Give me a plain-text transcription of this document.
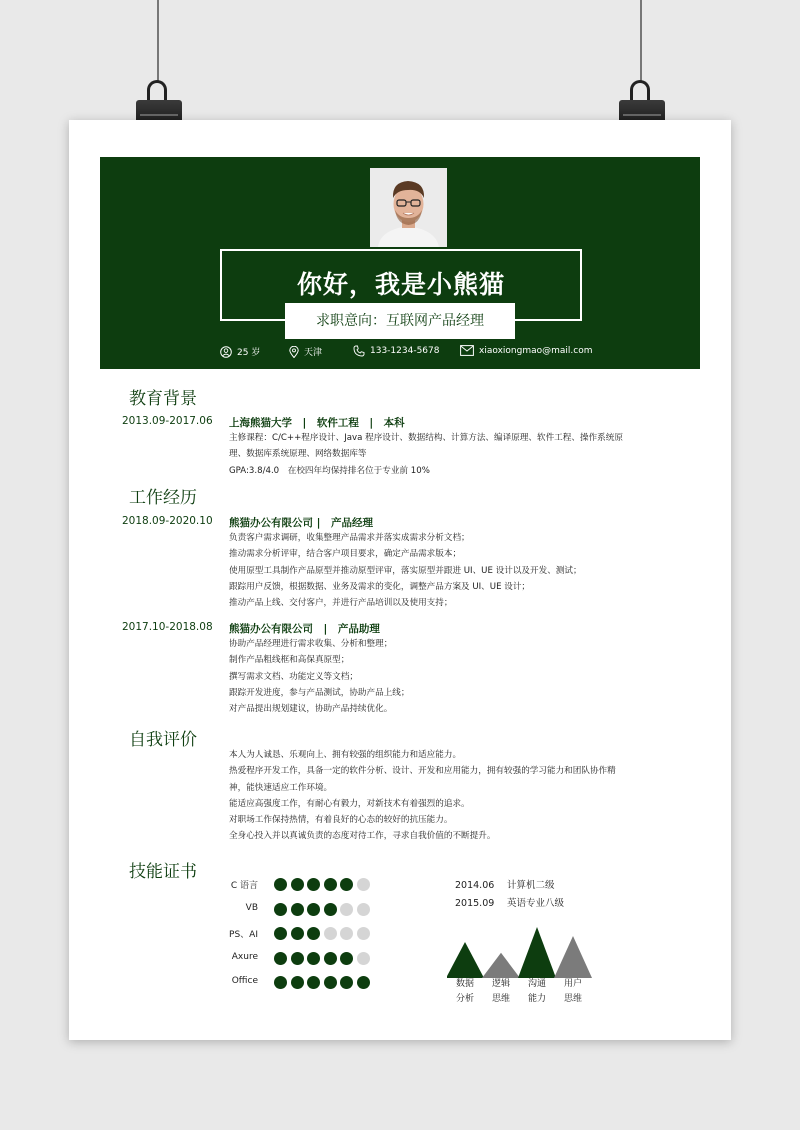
你好，我是小熊猫
求职意向：互联网产品经理
25 岁	天津	133-1234-5678	xiaoxiongmao@mail.com
教育背景
2013.09-2017.06 上海熊猫大学　|　软件工程　|　本科
主修课程：C/C++程序设计、Java 程序设计、数据结构、计算方法、编译原理、软件工程、操作系统原理、数据库系统原理、网络数据库等
GPA:3.8/4.0　在校四年均保持排名位于专业前 10%
工作经历
2018.09-2020.10 熊猫办公有限公司 |　产品经理
负责客户需求调研，收集整理产品需求并落实成需求分析文档；
推动需求分析评审，结合客户项目要求，确定产品需求版本；
使用原型工具制作产品原型并推动原型评审，落实原型并跟进 UI、UE 设计以及开发、测试；
跟踪用户反馈，根据数据、业务及需求的变化，调整产品方案及 UI、UE 设计；
推动产品上线、交付客户，并进行产品培训以及使用支持；
2017.10-2018.08 熊猫办公有限公司　|　产品助理
协助产品经理进行需求收集、分析和整理；
制作产品粗线框和高保真原型；
撰写需求文档、功能定义等文档；
跟踪开发进度，参与产品测试，协助产品上线；
对产品提出规划建议，协助产品持续优化。
自我评价
本人为人诚恳、乐观向上、拥有较强的组织能力和适应能力。
热爱程序开发工作，具备一定的软件分析、设计、开发和应用能力，拥有较强的学习能力和团队协作精神，能快速适应工作环境。
能适应高强度工作，有耐心有毅力，对新技术有着强烈的追求。
对职场工作保持热情，有着良好的心态的较好的抗压能力。
全身心投入并以真诚负责的态度对待工作，寻求自我价值的不断提升。
技能证书
C 语言
VB
PS、AI
Axure
Office
2014.06 计算机二级
2015.09 英语专业八级
数据
分析
逻辑
思维
沟通
能力
用户
思维
